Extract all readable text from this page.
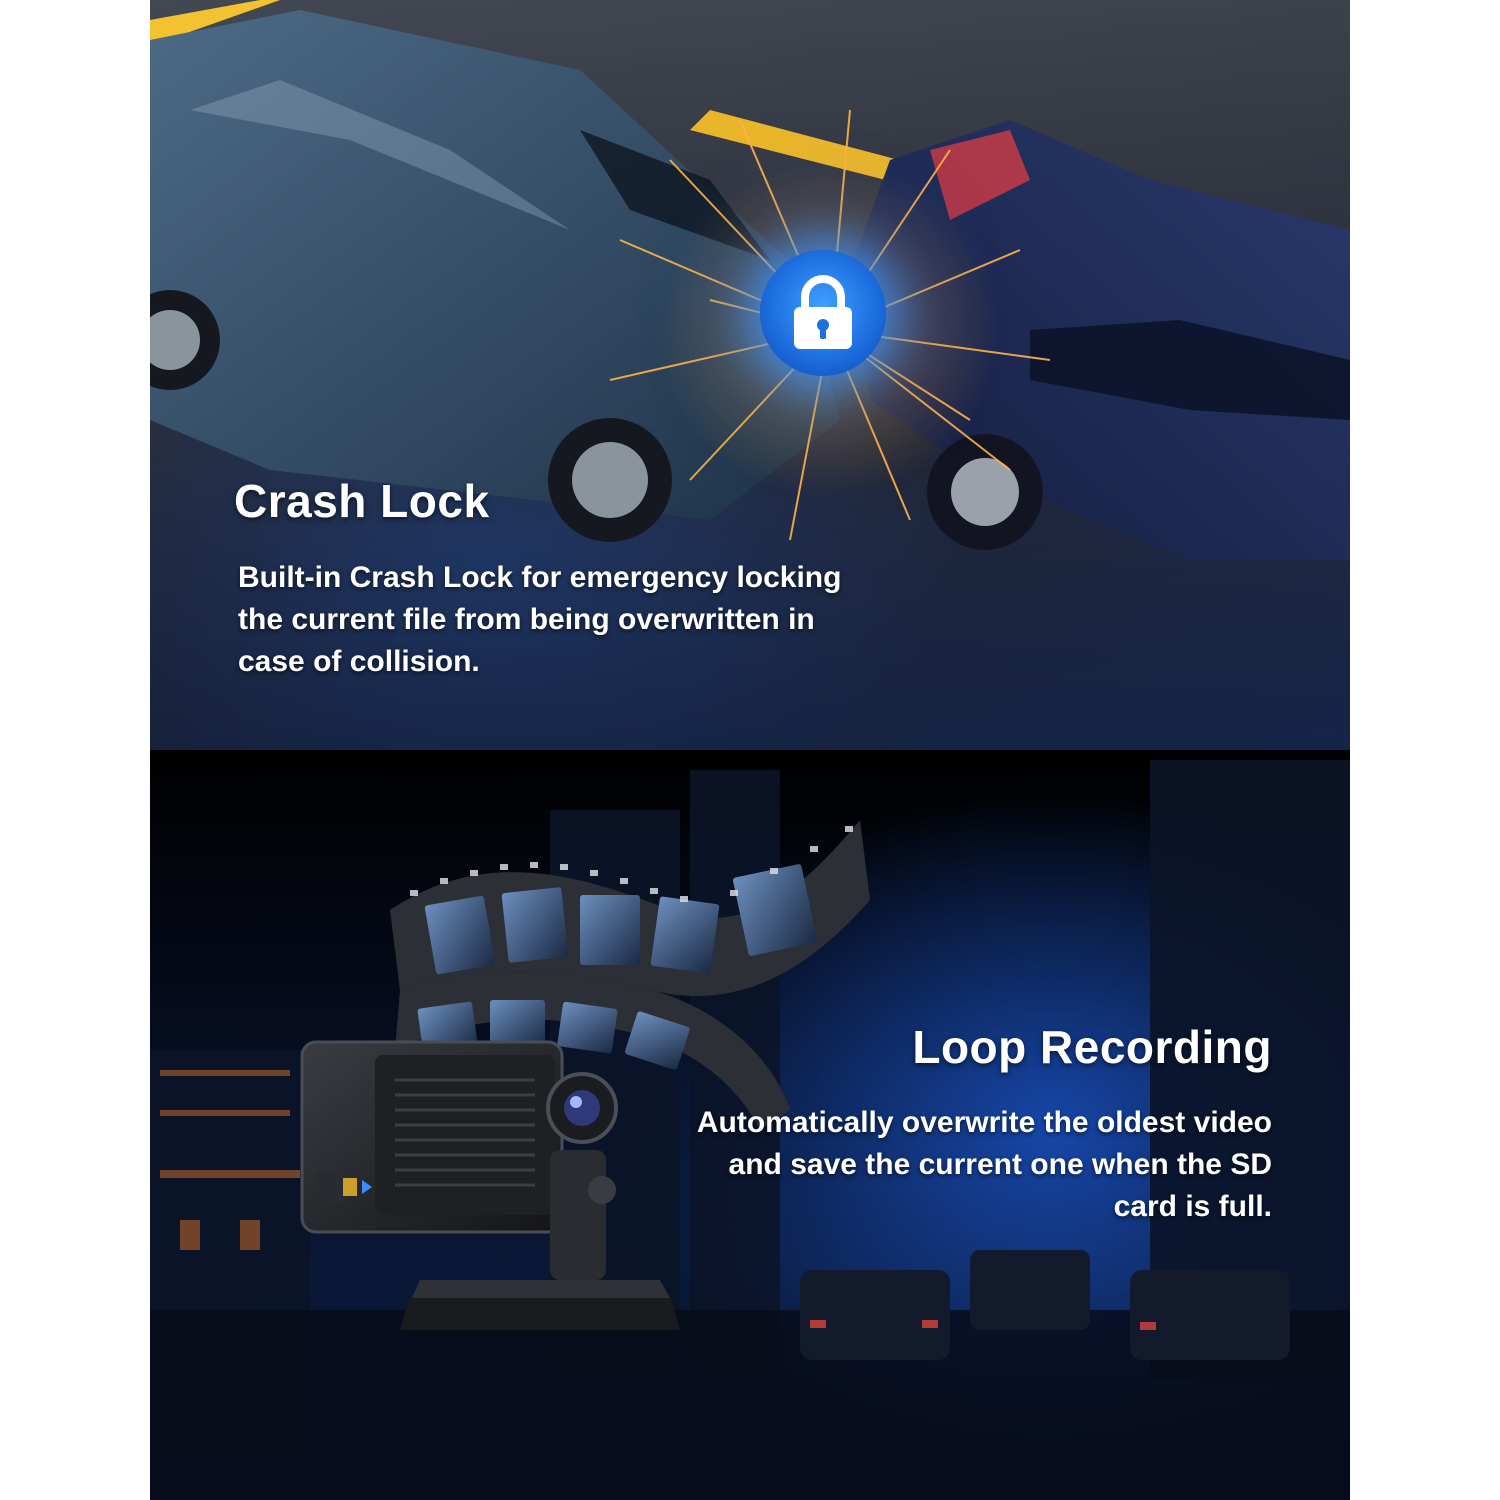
Crash Lock

Built-in Crash Lock for emergency locking the current file from being overwritten in case of collision.

Loop Recording

Automatically overwrite the oldest video and save the current one when the SD card is full.
